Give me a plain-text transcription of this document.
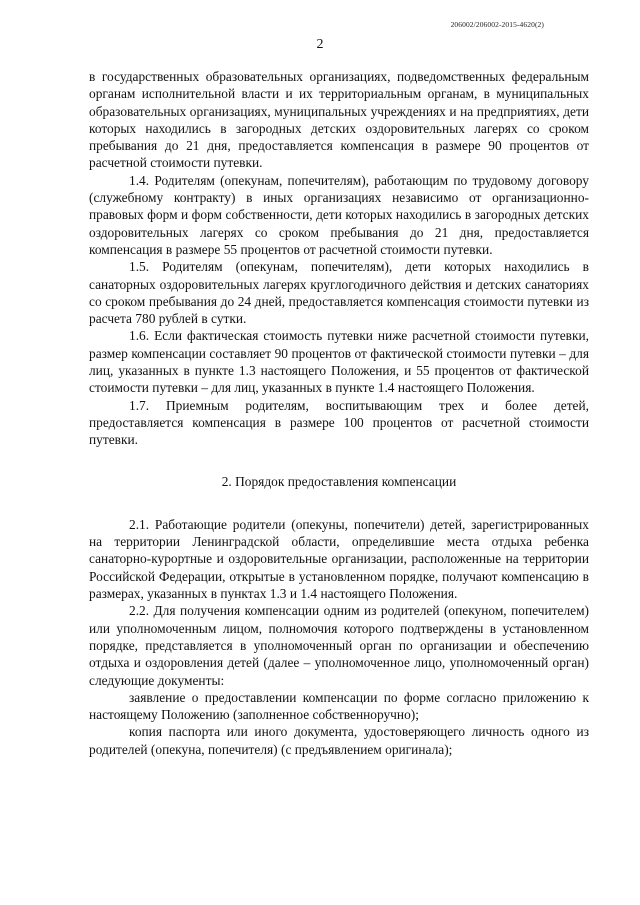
206002/206002-2015-4620(2)
2

в государственных образовательных организациях, подведомственных федеральным органам исполнительной власти и их территориальным органам, в муниципальных образовательных организациях, муниципальных учреждениях и на предприятиях, дети которых находились в загородных детских оздоровительных лагерях со сроком пребывания до 21 дня, предоставляется компенсация в размере 90 процентов от расчетной стоимости путевки.

1.4. Родителям (опекунам, попечителям), работающим по трудовому договору (служебному контракту) в иных организациях независимо от организационно-правовых форм и форм собственности, дети которых находились в загородных детских оздоровительных лагерях со сроком пребывания до 21 дня, предоставляется компенсация в размере 55 процентов от расчетной стоимости путевки.

1.5. Родителям (опекунам, попечителям), дети которых находились в санаторных оздоровительных лагерях круглогодичного действия и детских санаториях со сроком пребывания до 24 дней, предоставляется компенсация стоимости путевки из расчета 780 рублей в сутки.

1.6. Если фактическая стоимость путевки ниже расчетной стоимости путевки, размер компенсации составляет 90 процентов от фактической стоимости путевки – для лиц, указанных в пункте 1.3 настоящего Положения, и 55 процентов от фактической стоимости путевки – для лиц, указанных в пункте 1.4 настоящего Положения.

1.7. Приемным родителям, воспитывающим трех и более детей, предоставляется компенсация в размере 100 процентов от расчетной стоимости путевки.

2. Порядок предоставления компенсации

2.1. Работающие родители (опекуны, попечители) детей, зарегистрированных на территории Ленинградской области, определившие места отдыха ребенка санаторно-курортные и оздоровительные организации, расположенные на территории Российской Федерации, открытые в установленном порядке, получают компенсацию в размерах, указанных в пунктах 1.3 и 1.4 настоящего Положения.

2.2. Для получения компенсации одним из родителей (опекуном, попечителем) или уполномоченным лицом, полномочия которого подтверждены в установленном порядке, представляется в уполномоченный орган по организации и обеспечению отдыха и оздоровления детей (далее – уполномоченное лицо, уполномоченный орган) следующие документы:

заявление о предоставлении компенсации по форме согласно приложению к настоящему Положению (заполненное собственноручно);

копия паспорта или иного документа, удостоверяющего личность одного из родителей (опекуна, попечителя) (с предъявлением оригинала);
